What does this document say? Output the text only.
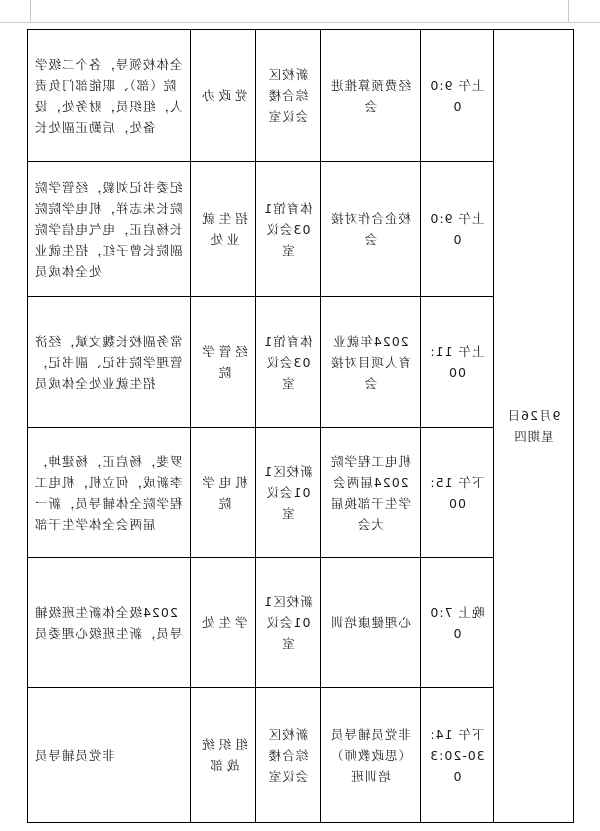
全体校领导，各个二级学院（部）、职能部门负责人，组织员，财务处，设备处，后勤正副处长	党政办	新校区综合楼会议室	经费预算推进会	上午 9:00	9月26日 星期四

纪委书记刘毅，经管学院院长朱志祥，机电学院院长杨启正，电气电信学院副院长曾子红，招生就业处全体成员	招生就业处	体育馆103会议室	校企合作对接会	上午 9:00	

常务副校长魏文斌，经济管理学院书记、副书记，招生就业处全体成员	经管学院	体育馆103会议室	2024年就业育人项目对接会	上午 11:00	

罗斐，杨启正，杨建坤，李新成，何立机，机电工程学院全体辅导员，新一届两会全体学生干部	机电学院	新校区101会议室	机电工程学院2024届两会学生干部换届大会	下午 15:00	

2024级全体新生班级辅导员，新生班级心理委员	学生处	新校区101会议室	心理健康培训	晚上 7:00	

非党员辅导员	组织统战部	新校区综合楼会议室	非党员辅导员（思政教师）培训班	下午 14:30-20:30	
